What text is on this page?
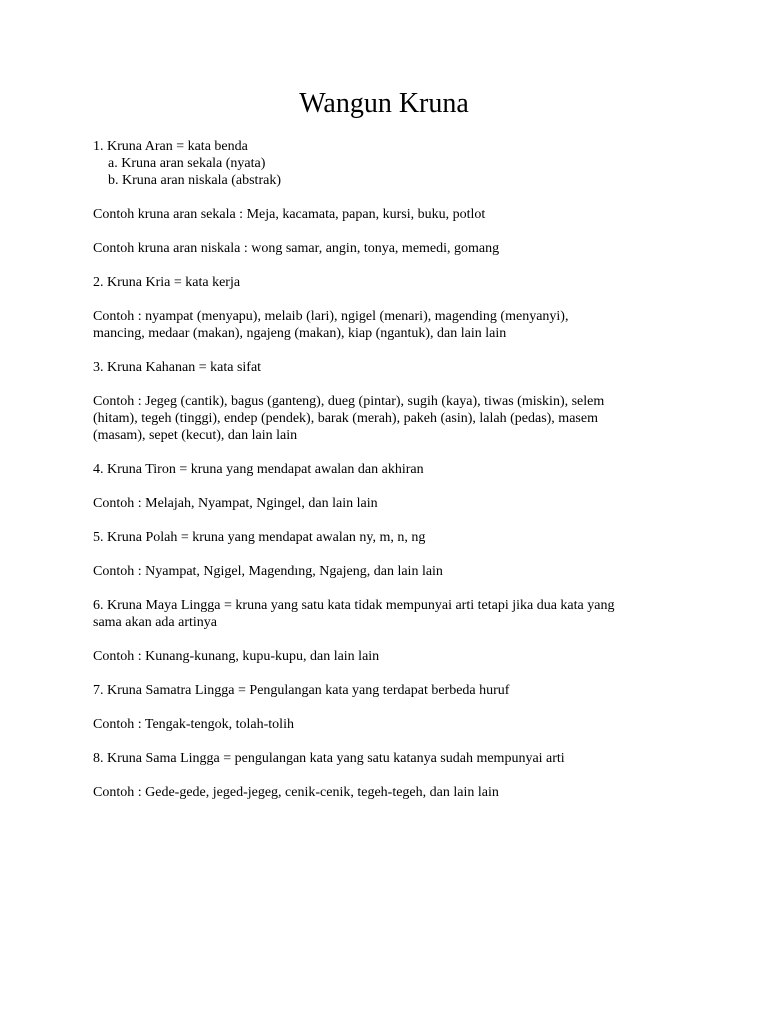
Wangun Kruna

1. Kruna Aran = kata benda

a. Kruna aran sekala (nyata)

b. Kruna aran niskala (abstrak)

Contoh kruna aran sekala : Meja, kacamata, papan, kursi, buku, potlot

Contoh kruna aran niskala : wong samar, angin, tonya, memedi, gomang

2. Kruna Kria = kata kerja

Contoh : nyampat (menyapu), melaib (lari), ngigel (menari), magending (menyanyi),

mancing, medaar (makan), ngajeng (makan), kiap (ngantuk), dan lain lain

3. Kruna Kahanan = kata sifat

Contoh : Jegeg (cantik), bagus (ganteng), dueg (pintar), sugih (kaya), tiwas (miskin), selem

(hitam), tegeh (tinggi), endep (pendek), barak (merah), pakeh (asin), lalah (pedas), masem

(masam), sepet (kecut), dan lain lain

4. Kruna Tiron = kruna yang mendapat awalan dan akhiran

Contoh : Melajah, Nyampat, Ngingel, dan lain lain

5. Kruna Polah = kruna yang mendapat awalan ny, m, n, ng

Contoh : Nyampat, Ngigel, Magendıng, Ngajeng, dan lain lain

6. Kruna Maya Lingga = kruna yang satu kata tidak mempunyai arti tetapi jika dua kata yang

sama akan ada artinya

Contoh : Kunang-kunang, kupu-kupu, dan lain lain

7. Kruna Samatra Lingga = Pengulangan kata yang terdapat berbeda huruf

Contoh : Tengak-tengok, tolah-tolih

8. Kruna Sama Lingga = pengulangan kata yang satu katanya sudah mempunyai arti

Contoh : Gede-gede, jeged-jegeg, cenik-cenik, tegeh-tegeh, dan lain lain
